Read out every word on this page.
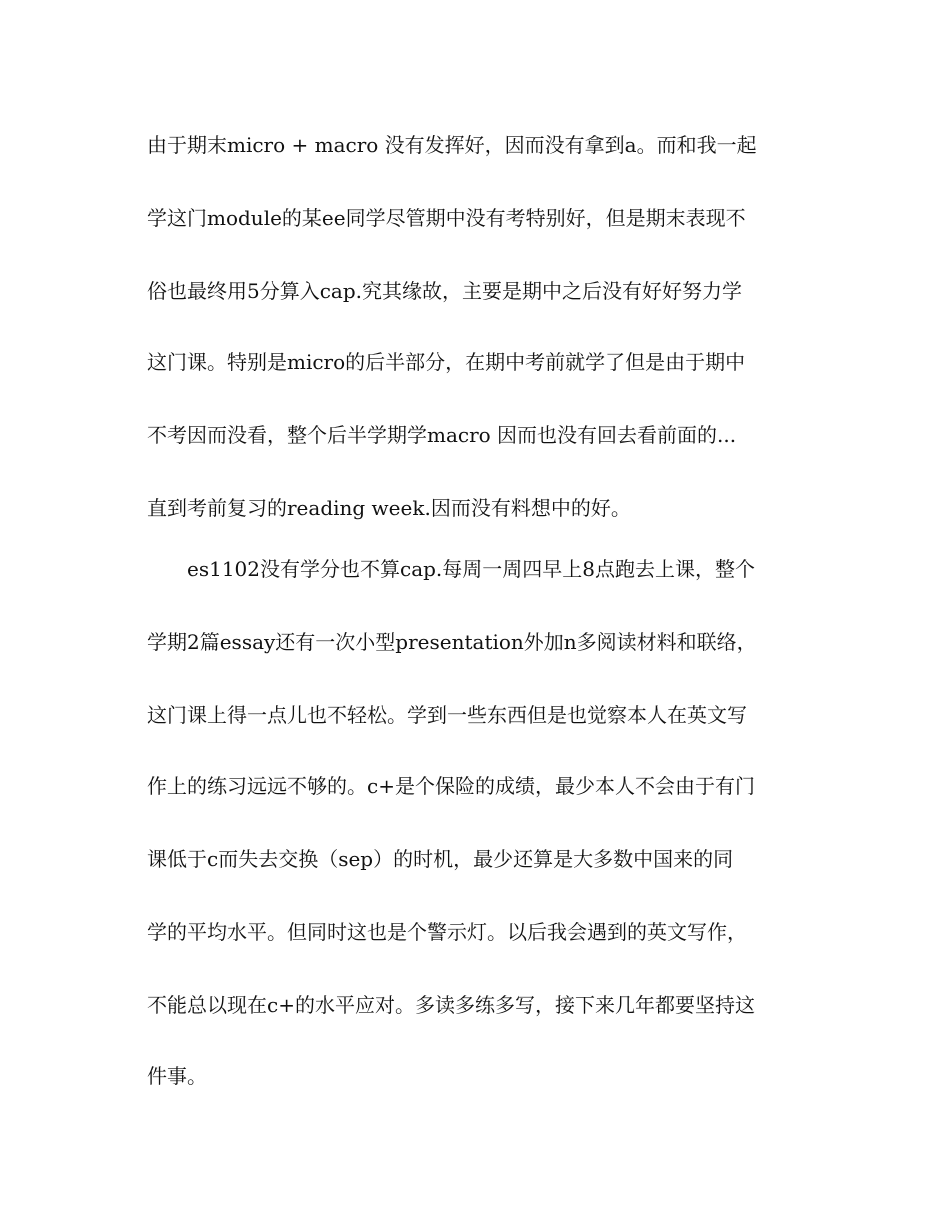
由于期末micro + macro 没有发挥好，因而没有拿到a。而和我一起
学这门module的某ee同学尽管期中没有考特别好，但是期末表现不
俗也最终用5分算入cap.究其缘故，主要是期中之后没有好好努力学
这门课。特别是micro的后半部分，在期中考前就学了但是由于期中
不考因而没看，整个后半学期学macro 因而也没有回去看前面的...
直到考前复习的reading week.因而没有料想中的好。
es1102没有学分也不算cap.每周一周四早上8点跑去上课，整个
学期2篇essay还有一次小型presentation外加n多阅读材料和联络，
这门课上得一点儿也不轻松。学到一些东西但是也觉察本人在英文写
作上的练习远远不够的。c+是个保险的成绩，最少本人不会由于有门
课低于c而失去交换（sep）的时机，最少还算是大多数中国来的同
学的平均水平。但同时这也是个警示灯。以后我会遇到的英文写作，
不能总以现在c+的水平应对。多读多练多写，接下来几年都要坚持这
件事。
